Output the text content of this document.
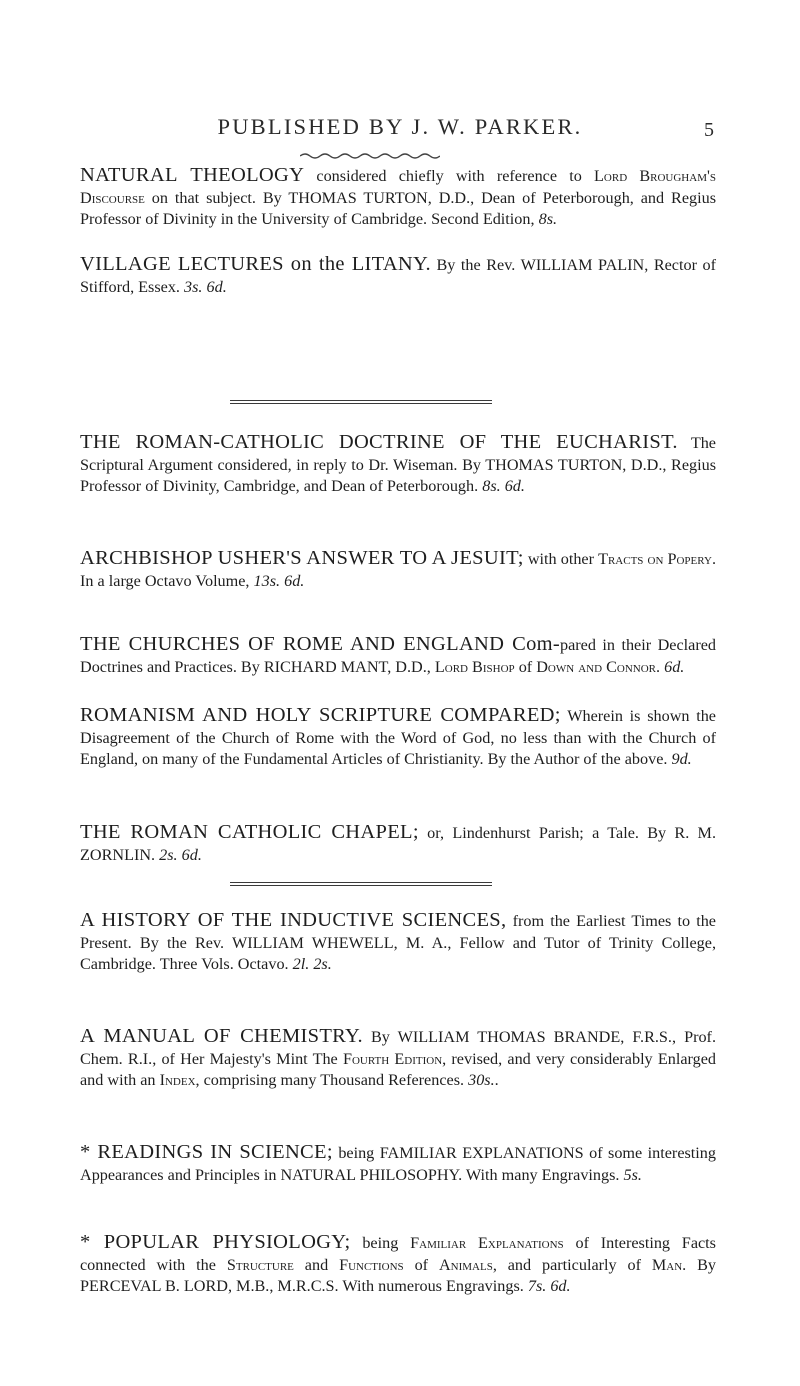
PUBLISHED BY J. W. PARKER.	5
NATURAL THEOLOGY considered chiefly with reference to Lord Brougham's Discourse on that subject. By THOMAS TURTON, D.D., Dean of Peterborough, and Regius Professor of Divinity in the University of Cambridge. Second Edition, 8s.
VILLAGE LECTURES on the LITANY. By the Rev. WILLIAM PALIN, Rector of Stifford, Essex. 3s. 6d.
THE ROMAN-CATHOLIC DOCTRINE OF THE EUCHARIST. The Scriptural Argument considered, in reply to Dr. Wiseman. By THOMAS TURTON, D.D., Regius Professor of Divinity, Cambridge, and Dean of Peterborough. 8s. 6d.
ARCHBISHOP USHER'S ANSWER TO A JESUIT; with other Tracts on Popery. In a large Octavo Volume, 13s. 6d.
THE CHURCHES OF ROME AND ENGLAND Com-pared in their Declared Doctrines and Practices. By RICHARD MANT, D.D., Lord Bishop of Down and Connor. 6d.
ROMANISM AND HOLY SCRIPTURE COMPARED; Wherein is shown the Disagreement of the Church of Rome with the Word of God, no less than with the Church of England, on many of the Fundamental Articles of Christianity. By the Author of the above. 9d.
THE ROMAN CATHOLIC CHAPEL; or, Lindenhurst Parish; a Tale. By R. M. ZORNLIN. 2s. 6d.
A HISTORY OF THE INDUCTIVE SCIENCES, from the Earliest Times to the Present. By the Rev. WILLIAM WHEWELL, M. A., Fellow and Tutor of Trinity College, Cambridge. Three Vols. Octavo. 2l. 2s.
A MANUAL OF CHEMISTRY. By WILLIAM THOMAS BRANDE, F.R.S., Prof. Chem. R.I., of Her Majesty's Mint The Fourth Edition, revised, and very considerably Enlarged and with an Index, comprising many Thousand References. 30s..
* READINGS IN SCIENCE; being FAMILIAR EXPLANATIONS of some interesting Appearances and Principles in NATURAL PHILOSOPHY. With many Engravings. 5s.
* POPULAR PHYSIOLOGY; being Familiar Explanations of Interesting Facts connected with the Structure and Functions of Animals, and particularly of Man. By PERCEVAL B. LORD, M.B., M.R.C.S. With numerous Engravings. 7s. 6d.
